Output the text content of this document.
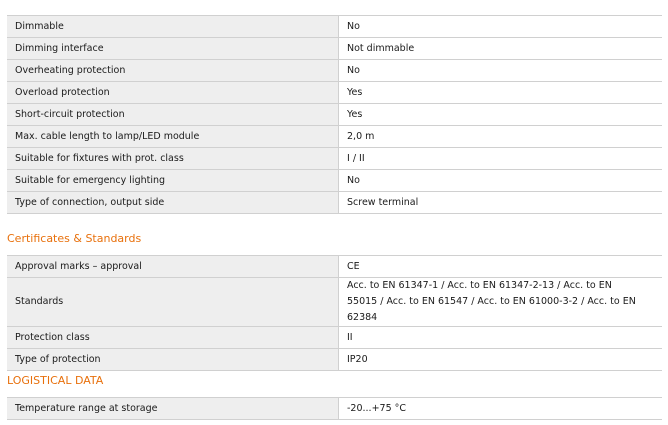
Dimmable	No
Dimming interface	Not dimmable
Overheating protection	No
Overload protection	Yes
Short-circuit protection	Yes
Max. cable length to lamp/LED module	2,0 m
Suitable for fixtures with prot. class	I / II
Suitable for emergency lighting	No
Type of connection, output side	Screw terminal
Certificates & Standards
Approval marks – approval	CE
Standards	Acc. to EN 61347-1 / Acc. to EN 61347-2-13 / Acc. to EN 55015 / Acc. to EN 61547 / Acc. to EN 61000-3-2 / Acc. to EN 62384
Protection class	II
Type of protection	IP20
LOGISTICAL DATA
Temperature range at storage	-20...+75 °C
